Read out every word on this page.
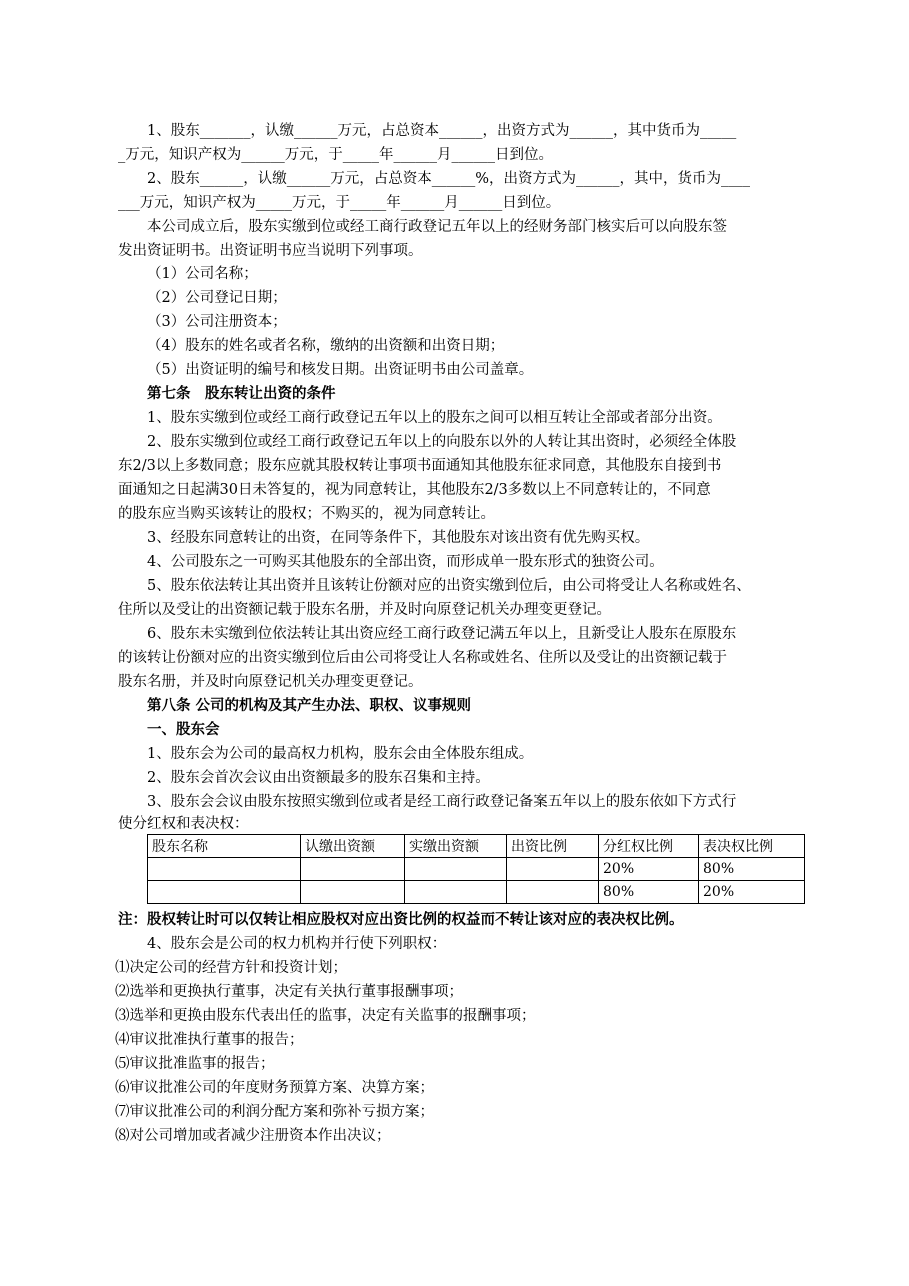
1、股东_______，认缴______万元，占总资本______，出资方式为______，其中货币为_____
_万元，知识产权为______万元，于_____年______月______日到位。
2、股东______，认缴______万元，占总资本______%，出资方式为______，其中，货币为____
___万元，知识产权为_____万元，于_____年______月______日到位。
本公司成立后，股东实缴到位或经工商行政登记五年以上的经财务部门核实后可以向股东签
发出资证明书。出资证明书应当说明下列事项。
（1）公司名称；
（2）公司登记日期；
（3）公司注册资本；
（4）股东的姓名或者名称，缴纳的出资额和出资日期；
（5）出资证明的编号和核发日期。出资证明书由公司盖章。
第七条　股东转让出资的条件
1、股东实缴到位或经工商行政登记五年以上的股东之间可以相互转让全部或者部分出资。
2、股东实缴到位或经工商行政登记五年以上的向股东以外的人转让其出资时，必须经全体股
东2/3以上多数同意；股东应就其股权转让事项书面通知其他股东征求同意，其他股东自接到书
面通知之日起满30日未答复的，视为同意转让，其他股东2/3多数以上不同意转让的，不同意
的股东应当购买该转让的股权；不购买的，视为同意转让。
3、经股东同意转让的出资，在同等条件下，其他股东对该出资有优先购买权。
4、公司股东之一可购买其他股东的全部出资，而形成单一股东形式的独资公司。
5、股东依法转让其出资并且该转让份额对应的出资实缴到位后，由公司将受让人名称或姓名、
住所以及受让的出资额记载于股东名册，并及时向原登记机关办理变更登记。
6、股东未实缴到位依法转让其出资应经工商行政登记满五年以上，且新受让人股东在原股东
的该转让份额对应的出资实缴到位后由公司将受让人名称或姓名、住所以及受让的出资额记载于
股东名册，并及时向原登记机关办理变更登记。
第八条 公司的机构及其产生办法、职权、议事规则
一、股东会
1、股东会为公司的最高权力机构，股东会由全体股东组成。
2、股东会首次会议由出资额最多的股东召集和主持。
3、股东会会议由股东按照实缴到位或者是经工商行政登记备案五年以上的股东依如下方式行
使分红权和表决权：
股东名称	认缴出资额	实缴出资额	出资比例	分红权比例	表决权比例
				20%	80%
				80%	20%
注：股权转让时可以仅转让相应股权对应出资比例的权益而不转让该对应的表决权比例。
4、股东会是公司的权力机构并行使下列职权：
⑴决定公司的经营方针和投资计划；
⑵选举和更换执行董事，决定有关执行董事报酬事项；
⑶选举和更换由股东代表出任的监事，决定有关监事的报酬事项；
⑷审议批准执行董事的报告；
⑸审议批准监事的报告；
⑹审议批准公司的年度财务预算方案、决算方案；
⑺审议批准公司的利润分配方案和弥补亏损方案；
⑻对公司增加或者减少注册资本作出决议；
